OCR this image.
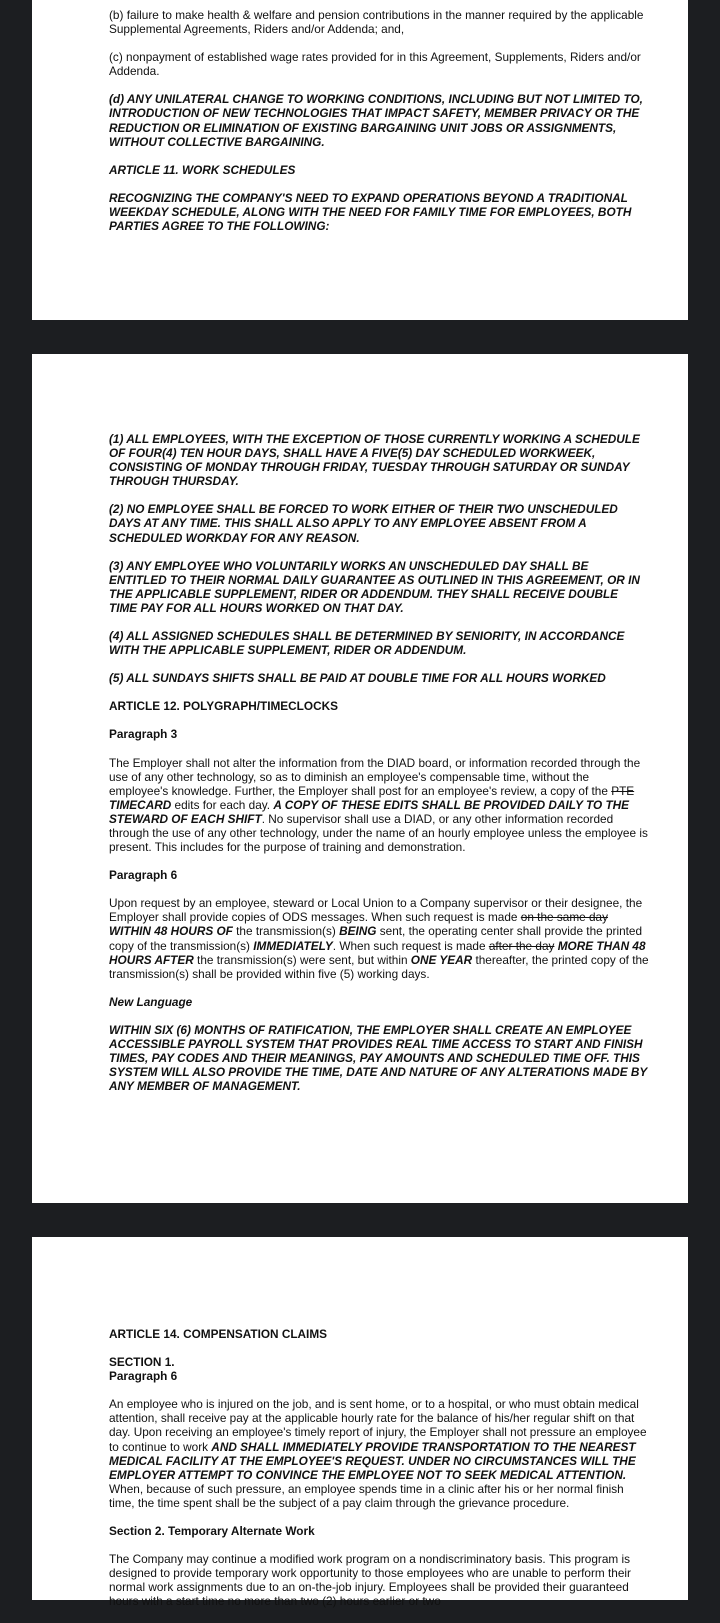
(b) failure to make health & welfare and pension contributions in the manner required by the applicable Supplemental Agreements, Riders and/or Addenda; and,

(c) nonpayment of established wage rates provided for in this Agreement, Supplements, Riders and/or Addenda.

(d) ANY UNILATERAL CHANGE TO WORKING CONDITIONS, INCLUDING BUT NOT LIMITED TO, INTRODUCTION OF NEW TECHNOLOGIES THAT IMPACT SAFETY, MEMBER PRIVACY OR THE REDUCTION OR ELIMINATION OF EXISTING BARGAINING UNIT JOBS OR ASSIGNMENTS, WITHOUT COLLECTIVE BARGAINING.

ARTICLE 11. WORK SCHEDULES

RECOGNIZING THE COMPANY'S NEED TO EXPAND OPERATIONS BEYOND A TRADITIONAL WEEKDAY SCHEDULE, ALONG WITH THE NEED FOR FAMILY TIME FOR EMPLOYEES, BOTH PARTIES AGREE TO THE FOLLOWING:

(1) ALL EMPLOYEES, WITH THE EXCEPTION OF THOSE CURRENTLY WORKING A SCHEDULE OF FOUR(4) TEN HOUR DAYS, SHALL HAVE A FIVE(5) DAY SCHEDULED WORKWEEK, CONSISTING OF MONDAY THROUGH FRIDAY, TUESDAY THROUGH SATURDAY OR SUNDAY THROUGH THURSDAY.

(2) NO EMPLOYEE SHALL BE FORCED TO WORK EITHER OF THEIR TWO UNSCHEDULED DAYS AT ANY TIME. THIS SHALL ALSO APPLY TO ANY EMPLOYEE ABSENT FROM A SCHEDULED WORKDAY FOR ANY REASON.

(3) ANY EMPLOYEE WHO VOLUNTARILY WORKS AN UNSCHEDULED DAY SHALL BE ENTITLED TO THEIR NORMAL DAILY GUARANTEE AS OUTLINED IN THIS AGREEMENT, OR IN THE APPLICABLE SUPPLEMENT, RIDER OR ADDENDUM. THEY SHALL RECEIVE DOUBLE TIME PAY FOR ALL HOURS WORKED ON THAT DAY.

(4) ALL ASSIGNED SCHEDULES SHALL BE DETERMINED BY SENIORITY, IN ACCORDANCE WITH THE APPLICABLE SUPPLEMENT, RIDER OR ADDENDUM.

(5) ALL SUNDAYS SHIFTS SHALL BE PAID AT DOUBLE TIME FOR ALL HOURS WORKED

ARTICLE 12. POLYGRAPH/TIMECLOCKS

Paragraph 3

The Employer shall not alter the information from the DIAD board, or information recorded through the use of any other technology, so as to diminish an employee's compensable time, without the employee's knowledge. Further, the Employer shall post for an employee's review, a copy of the PTE TIMECARD edits for each day. A COPY OF THESE EDITS SHALL BE PROVIDED DAILY TO THE STEWARD OF EACH SHIFT. No supervisor shall use a DIAD, or any other information recorded through the use of any other technology, under the name of an hourly employee unless the employee is present. This includes for the purpose of training and demonstration.

Paragraph 6

Upon request by an employee, steward or Local Union to a Company supervisor or their designee, the Employer shall provide copies of ODS messages. When such request is made on the same day WITHIN 48 HOURS OF the transmission(s) BEING sent, the operating center shall provide the printed copy of the transmission(s) IMMEDIATELY. When such request is made after the day MORE THAN 48 HOURS AFTER the transmission(s) were sent, but within ONE YEAR thereafter, the printed copy of the transmission(s) shall be provided within five (5) working days.

New Language

WITHIN SIX (6) MONTHS OF RATIFICATION, THE EMPLOYER SHALL CREATE AN EMPLOYEE ACCESSIBLE PAYROLL SYSTEM THAT PROVIDES REAL TIME ACCESS TO START AND FINISH TIMES, PAY CODES AND THEIR MEANINGS, PAY AMOUNTS AND SCHEDULED TIME OFF. THIS SYSTEM WILL ALSO PROVIDE THE TIME, DATE AND NATURE OF ANY ALTERATIONS MADE BY ANY MEMBER OF MANAGEMENT.

ARTICLE 14. COMPENSATION CLAIMS

SECTION 1.

Paragraph 6

An employee who is injured on the job, and is sent home, or to a hospital, or who must obtain medical attention, shall receive pay at the applicable hourly rate for the balance of his/her regular shift on that day. Upon receiving an employee's timely report of injury, the Employer shall not pressure an employee to continue to work AND SHALL IMMEDIATELY PROVIDE TRANSPORTATION TO THE NEAREST MEDICAL FACILITY AT THE EMPLOYEE'S REQUEST. UNDER NO CIRCUMSTANCES WILL THE EMPLOYER ATTEMPT TO CONVINCE THE EMPLOYEE NOT TO SEEK MEDICAL ATTENTION. When, because of such pressure, an employee spends time in a clinic after his or her normal finish time, the time spent shall be the subject of a pay claim through the grievance procedure.

Section 2. Temporary Alternate Work

The Company may continue a modified work program on a nondiscriminatory basis. This program is designed to provide temporary work opportunity to those employees who are unable to perform their normal work assignments due to an on-the-job injury. Employees shall be provided their guaranteed hours with a start time no more than two (2) hours earlier or two
